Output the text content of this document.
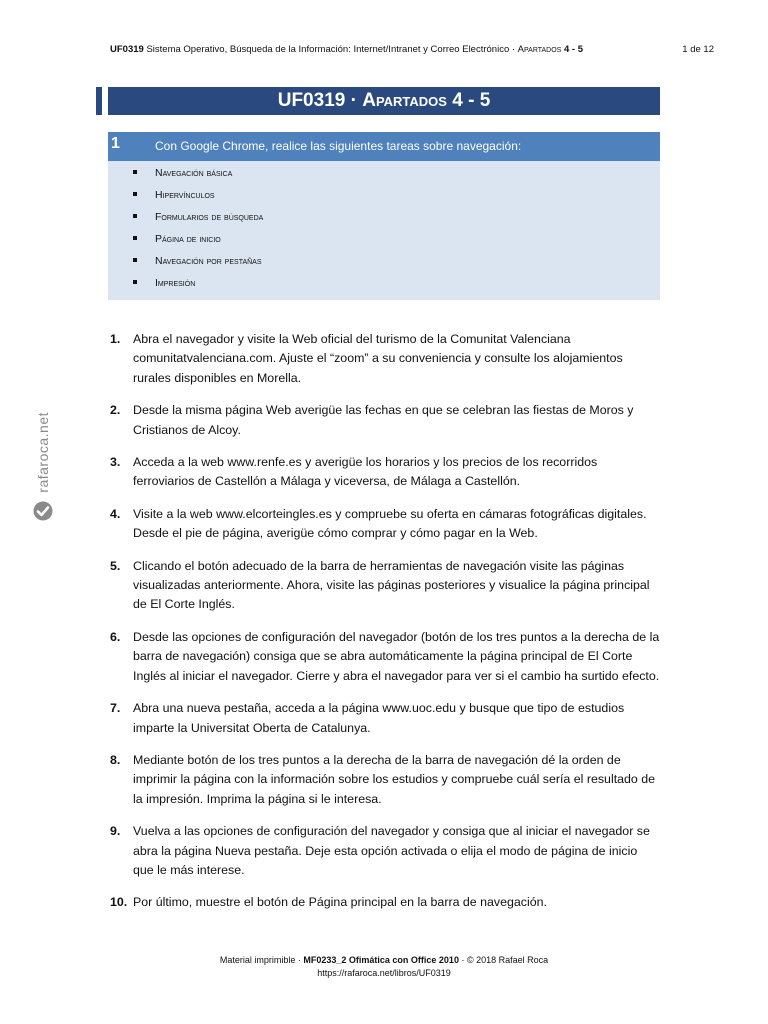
UF0319 Sistema Operativo, Búsqueda de la Información: Internet/Intranet y Correo Electrónico · Apartados 4 - 5	1 de 12
UF0319 · Apartados 4 - 5
1	Con Google Chrome, realice las siguientes tareas sobre navegación:
Navegación básica
Hipervínculos
Formularios de búsqueda
Página de inicio
Navegación por pestañas
Impresión
rafaroca.net
1. Abra el navegador y visite la Web oficial del turismo de la Comunitat Valenciana comunitatvalenciana.com. Ajuste el “zoom” a su conveniencia y consulte los alojamientos rurales disponibles en Morella.
2. Desde la misma página Web averigüe las fechas en que se celebran las fiestas de Moros y Cristianos de Alcoy.
3. Acceda a la web www.renfe.es y averigüe los horarios y los precios de los recorridos ferroviarios de Castellón a Málaga y viceversa, de Málaga a Castellón.
4. Visite a la web www.elcorteingles.es y compruebe su oferta en cámaras fotográficas digitales. Desde el pie de página, averigüe cómo comprar y cómo pagar en la Web.
5. Clicando el botón adecuado de la barra de herramientas de navegación visite las páginas visualizadas anteriormente. Ahora, visite las páginas posteriores y visualice la página principal de El Corte Inglés.
6. Desde las opciones de configuración del navegador (botón de los tres puntos a la derecha de la barra de navegación) consiga que se abra automáticamente la página principal de El Corte Inglés al iniciar el navegador. Cierre y abra el navegador para ver si el cambio ha surtido efecto.
7. Abra una nueva pestaña, acceda a la página www.uoc.edu y busque que tipo de estudios imparte la Universitat Oberta de Catalunya.
8. Mediante botón de los tres puntos a la derecha de la barra de navegación dé la orden de imprimir la página con la información sobre los estudios y compruebe cuál sería el resultado de la impresión. Imprima la página si le interesa.
9. Vuelva a las opciones de configuración del navegador y consiga que al iniciar el navegador se abra la página Nueva pestaña. Deje esta opción activada o elija el modo de página de inicio que le más interese.
10. Por último, muestre el botón de Página principal en la barra de navegación.
Material imprimible · MF0233_2 Ofimática con Office 2010 · © 2018 Rafael Roca
https://rafaroca.net/libros/UF0319
